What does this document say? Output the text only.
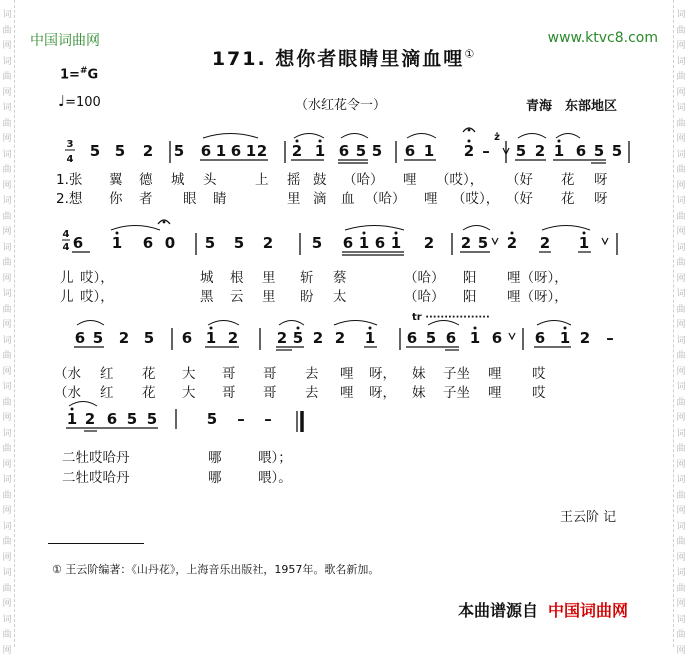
词曲网词曲网词曲网词曲网词曲网词曲网词曲网词曲网词曲网词曲网词曲网词曲网词曲网词曲网
词曲网词曲网词曲网词曲网词曲网词曲网词曲网词曲网词曲网词曲网词曲网词曲网词曲网词曲网
中国词曲网	www.ktvc8.com
171. 想你者眼睛里滴血哩①
1=#G
♩=100	（水红花令一）	青海　东部地区
5 5 2 5 6 1 6 1 2 2 1 6 5 5 6 1 2 – 5 2 1 6 5 5
6 1 6 0 5 5 2	5 6 1 6 1 2 2 5 2 2 1
6 5 2 5 6 1 2	2 5 2 2 1 6 5 6 1 6 6 1 2 –
1 2 6 5 5	5 – –
3
4
4
4
ż
tr ·················
1.张 翼 德 城 头	上 摇 鼓 （哈） 哩 （哎）， （好 花 呀
2.想 你 者 眼 睛	里 滴 血 （哈） 哩 （哎）， （好 花 呀
儿 哎），	城 根 里 斩 蔡	（哈） 阳 哩（呀），
儿 哎），	黑 云 里 盼 太	（哈） 阳 哩（呀），
（水 红 花 大 哥 哥 去 哩 呀， 妹 子坐 哩 哎
（水 红 花 大 哥 哥 去 哩 呀， 妹 子坐 哩 哎
二牡哎哈丹	哪	喂）；
二牡哎哈丹	哪	喂）。
王云阶 记
① 王云阶编著：《山丹花》，上海音乐出版社，1957年。歌名新加。
本曲谱源自 中国词曲网
